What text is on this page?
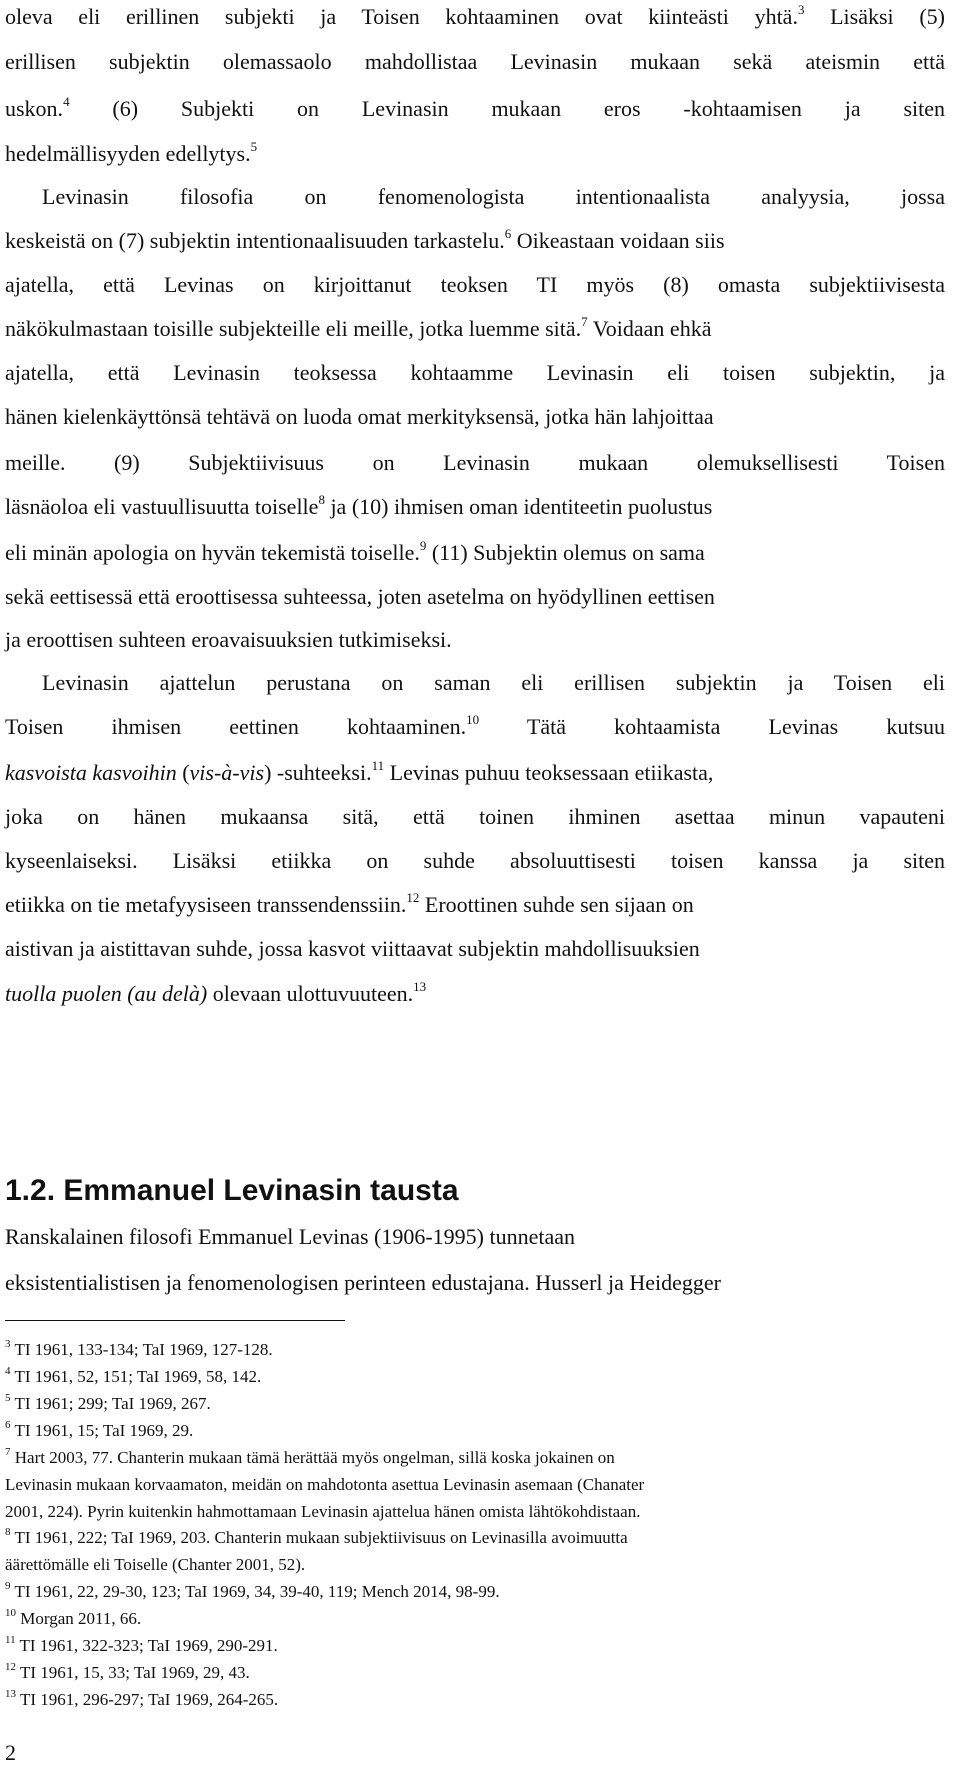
oleva eli erillinen subjekti ja Toisen kohtaaminen ovat kiinteästi yhtä.$^3$ Lisäksi (5)
erillisen subjektin olemassaolo mahdollistaa Levinasin mukaan sekä ateismin että
uskon.$^4$ (6) Subjekti on Levinasin mukaan eros -kohtaamisen ja siten
hedelmällisyyden edellytys.$^5$
Levinasin filosofia on fenomenologista intentionaalista analyysia, jossa
keskeistä on (7) subjektin intentionaalisuuden tarkastelu.$^6$ Oikeastaan voidaan siis
ajatella, että Levinas on kirjoittanut teoksen TI myös (8) omasta subjektiivisesta
näkökulmastaan toisille subjekteille eli meille, jotka luemme sitä.$^7$ Voidaan ehkä
ajatella, että Levinasin teoksessa kohtaamme Levinasin eli toisen subjektin, ja
hänen kielenkäyttönsä tehtävä on luoda omat merkityksensä, jotka hän lahjoittaa
meille. (9) Subjektiivisuus on Levinasin mukaan olemuksellisesti Toisen
läsnäoloa eli vastuullisuutta toiselle$^8$ ja (10) ihmisen oman identiteetin puolustus
eli minän apologia on hyvän tekemistä toiselle.$^9$ (11) Subjektin olemus on sama
sekä eettisessä että eroottisessa suhteessa, joten asetelma on hyödyllinen eettisen
ja eroottisen suhteen eroavaisuuksien tutkimiseksi.
Levinasin ajattelun perustana on saman eli erillisen subjektin ja Toisen eli
Toisen ihmisen eettinen kohtaaminen.$^{10}$ Tätä kohtaamista Levinas kutsuu
kasvoista kasvoihin (vis-à-vis) -suhteeksi.$^{11}$ Levinas puhuu teoksessaan etiikasta,
joka on hänen mukaansa sitä, että toinen ihminen asettaa minun vapauteni
kyseenlaiseksi. Lisäksi etiikka on suhde absoluuttisesti toisen kanssa ja siten
etiikka on tie metafyysiseen transsendenssiin.$^{12}$ Eroottinen suhde sen sijaan on
aistivan ja aistittavan suhde, jossa kasvot viittaavat subjektin mahdollisuuksien
tuolla puolen (au delà) olevaan ulottuvuuteen.$^{13}$
1.2. Emmanuel Levinasin tausta
Ranskalainen filosofi Emmanuel Levinas (1906-1995) tunnetaan
eksistentialistisen ja fenomenologisen perinteen edustajana. Husserl ja Heidegger
$^3$ TI 1961, 133-134; TaI 1969, 127-128.
$^4$ TI 1961, 52, 151; TaI 1969, 58, 142.
$^5$ TI 1961; 299; TaI 1969, 267.
$^6$ TI 1961, 15; TaI 1969, 29.
$^7$ Hart 2003, 77. Chanterin mukaan tämä herättää myös ongelman, sillä koska jokainen on
Levinasin mukaan korvaamaton, meidän on mahdotonta asettua Levinasin asemaan (Chanater
2001, 224). Pyrin kuitenkin hahmottamaan Levinasin ajattelua hänen omista lähtökohdistaan.
$^8$ TI 1961, 222; TaI 1969, 203. Chanterin mukaan subjektiivisuus on Levinasilla avoimuutta
äärettömälle eli Toiselle (Chanter 2001, 52).
$^9$ TI 1961, 22, 29-30, 123; TaI 1969, 34, 39-40, 119; Mench 2014, 98-99.
$^{10}$ Morgan 2011, 66.
$^{11}$ TI 1961, 322-323; TaI 1969, 290-291.
$^{12}$ TI 1961, 15, 33; TaI 1969, 29, 43.
$^{13}$ TI 1961, 296-297; TaI 1969, 264-265.
2
